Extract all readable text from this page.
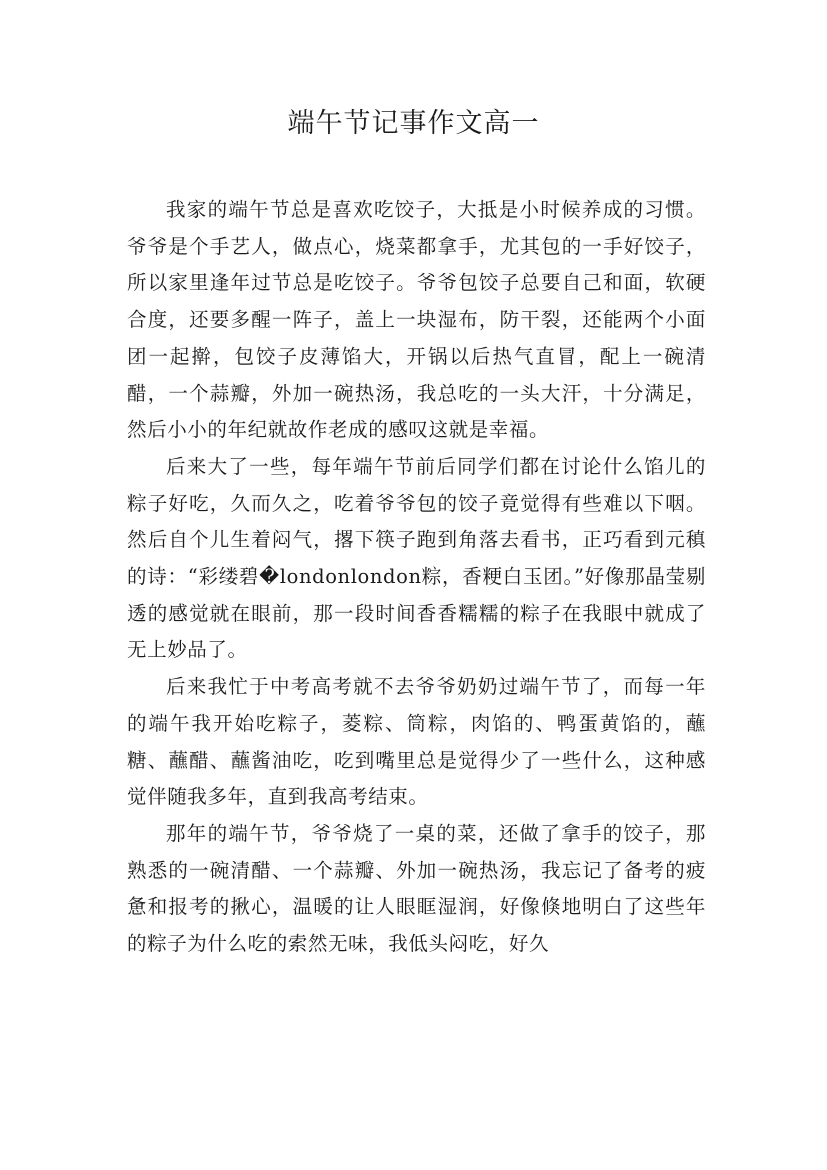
端午节记事作文高一

我家的端午节总是喜欢吃饺子，大抵是小时候养成的习惯。爷爷是个手艺人，做点心，烧菜都拿手，尤其包的一手好饺子，所以家里逢年过节总是吃饺子。爷爷包饺子总要自己和面，软硬合度，还要多醒一阵子，盖上一块湿布，防干裂，还能两个小面团一起擀，包饺子皮薄馅大，开锅以后热气直冒，配上一碗清醋，一个蒜瓣，外加一碗热汤，我总吃的一头大汗，十分满足，然后小小的年纪就故作老成的感叹这就是幸福。

后来大了一些，每年端午节前后同学们都在讨论什么馅儿的粽子好吃，久而久之，吃着爷爷包的饺子竟觉得有些难以下咽。然后自个儿生着闷气，撂下筷子跑到角落去看书，正巧看到元稹的诗：“彩缕碧�londonlondon粽，香粳白玉团。”好像那晶莹剔透的感觉就在眼前，那一段时间香香糯糯的粽子在我眼中就成了无上妙品了。

后来我忙于中考高考就不去爷爷奶奶过端午节了，而每一年的端午我开始吃粽子，菱粽、筒粽，肉馅的、鸭蛋黄馅的，蘸糖、蘸醋、蘸酱油吃，吃到嘴里总是觉得少了一些什么，这种感觉伴随我多年，直到我高考结束。

那年的端午节，爷爷烧了一桌的菜，还做了拿手的饺子，那熟悉的一碗清醋、一个蒜瓣、外加一碗热汤，我忘记了备考的疲惫和报考的揪心，温暖的让人眼眶湿润，好像倏地明白了这些年的粽子为什么吃的索然无味，我低头闷吃，好久
